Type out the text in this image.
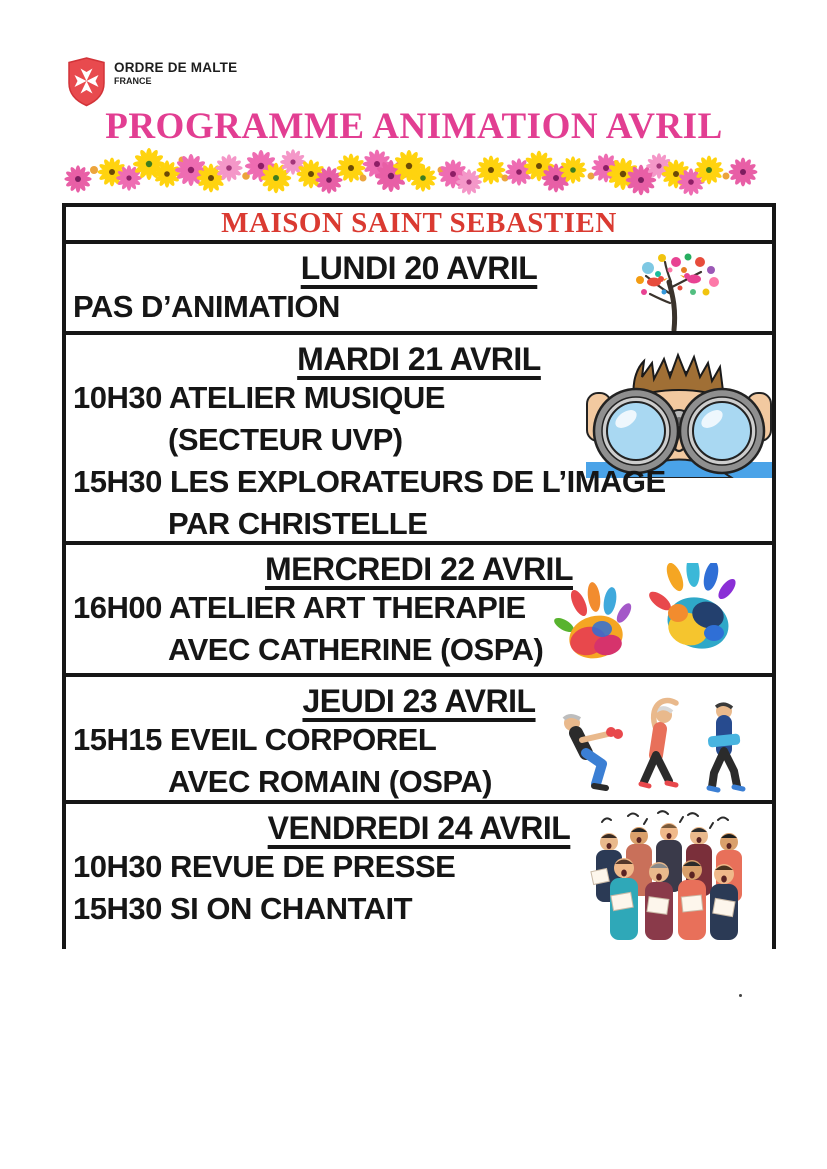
ORDRE DE MALTE
FRANCE
PROGRAMME ANIMATION AVRIL
MAISON SAINT SEBASTIEN
LUNDI 20 AVRIL
PAS D’ANIMATION
MARDI 21 AVRIL
10H30 ATELIER MUSIQUE
(SECTEUR UVP)
15H30 LES EXPLORATEURS DE L’IMAGE
PAR CHRISTELLE
MERCREDI 22 AVRIL
16H00 ATELIER ART THERAPIE
AVEC CATHERINE (OSPA)
JEUDI 23 AVRIL
15H15 EVEIL CORPOREL
AVEC ROMAIN (OSPA)
VENDREDI 24 AVRIL
10H30 REVUE DE PRESSE
15H30 SI ON CHANTAIT
